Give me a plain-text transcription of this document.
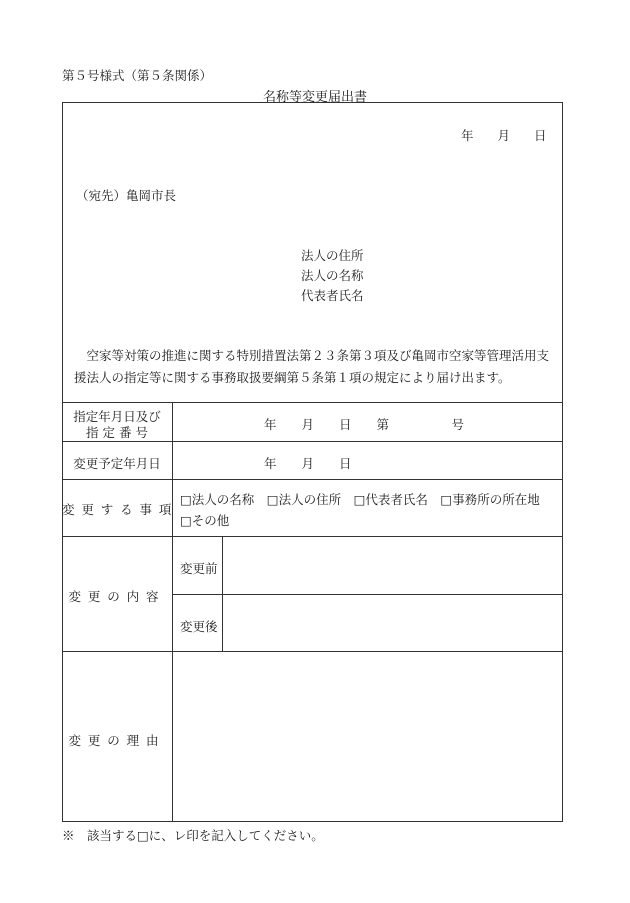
第５号様式（第５条関係）
名称等変更届出書
年 月 日
（宛先）亀岡市長
法人の住所
法人の名称
代表者氏名
空家等対策の推進に関する特別措置法第２３条第３項及び亀岡市空家等管理活用支援法人の指定等に関する事務取扱要綱第５条第１項の規定により届け出ます。
指定年月日及び
指 定 番 号
年　　月　　日　　第　　　　　号
変更予定年月日	年　　月　　日
変更する事項
□法人の名称　□法人の住所　□代表者氏名　□事務所の所在地
□その他
変更の内容
変更前
変更後
変更の理由
※　該当する□に、レ印を記入してください。
